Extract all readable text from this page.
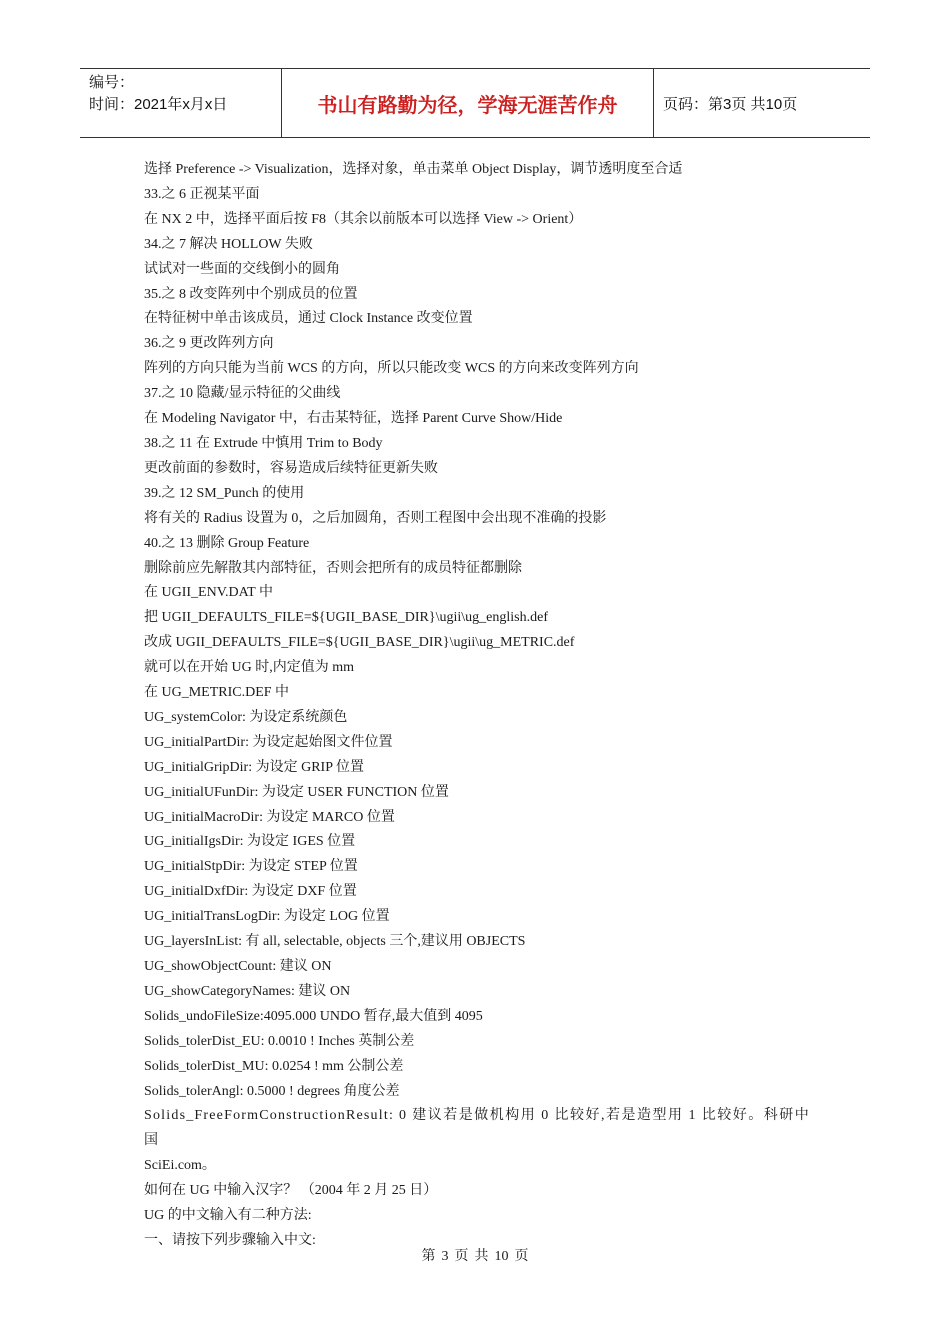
编号：
时间：2021年x月x日	书山有路勤为径，学海无涯苦作舟	页码：第3页 共10页
选择 Preference -> Visualization，选择对象，单击菜单 Object Display，调节透明度至合适
33.之 6 正视某平面
在 NX 2 中，选择平面后按 F8（其余以前版本可以选择 View -> Orient）
34.之 7 解决 HOLLOW 失败
试试对一些面的交线倒小的圆角
35.之 8 改变阵列中个别成员的位置
在特征树中单击该成员，通过 Clock Instance 改变位置
36.之 9 更改阵列方向
阵列的方向只能为当前 WCS 的方向，所以只能改变 WCS 的方向来改变阵列方向
37.之 10 隐藏/显示特征的父曲线
在 Modeling Navigator 中，右击某特征，选择 Parent Curve Show/Hide
38.之 11 在 Extrude 中慎用 Trim to Body
更改前面的参数时，容易造成后续特征更新失败
39.之 12 SM_Punch 的使用
将有关的 Radius 设置为 0，之后加圆角，否则工程图中会出现不准确的投影
40.之 13 删除 Group Feature
删除前应先解散其内部特征，否则会把所有的成员特征都删除
在 UGII_ENV.DAT 中
把 UGII_DEFAULTS_FILE=${UGII_BASE_DIR}\ugii\ug_english.def
改成 UGII_DEFAULTS_FILE=${UGII_BASE_DIR}\ugii\ug_METRIC.def
就可以在开始 UG 时,内定值为 mm
在 UG_METRIC.DEF 中
UG_systemColor: 为设定系统颜色
UG_initialPartDir: 为设定起始图文件位置
UG_initialGripDir: 为设定 GRIP 位置
UG_initialUFunDir: 为设定 USER FUNCTION 位置
UG_initialMacroDir: 为设定 MARCO 位置
UG_initialIgsDir: 为设定 IGES 位置
UG_initialStpDir: 为设定 STEP 位置
UG_initialDxfDir: 为设定 DXF 位置
UG_initialTransLogDir: 为设定 LOG 位置
UG_layersInList: 有 all, selectable, objects 三个,建议用 OBJECTS
UG_showObjectCount: 建议 ON
UG_showCategoryNames: 建议 ON
Solids_undoFileSize:4095.000 UNDO 暂存,最大值到 4095
Solids_tolerDist_EU: 0.0010 ! Inches 英制公差
Solids_tolerDist_MU: 0.0254 ! mm 公制公差
Solids_tolerAngl: 0.5000 ! degrees 角度公差
Solids_FreeFormConstructionResult: 0 建议若是做机构用 0 比较好,若是造型用 1 比较好。科研中国
SciEi.com。
如何在 UG 中输入汉字？ （2004 年 2 月 25 日）
UG 的中文输入有二种方法:
一、请按下列步骤输入中文:
第 3 页 共 10 页
